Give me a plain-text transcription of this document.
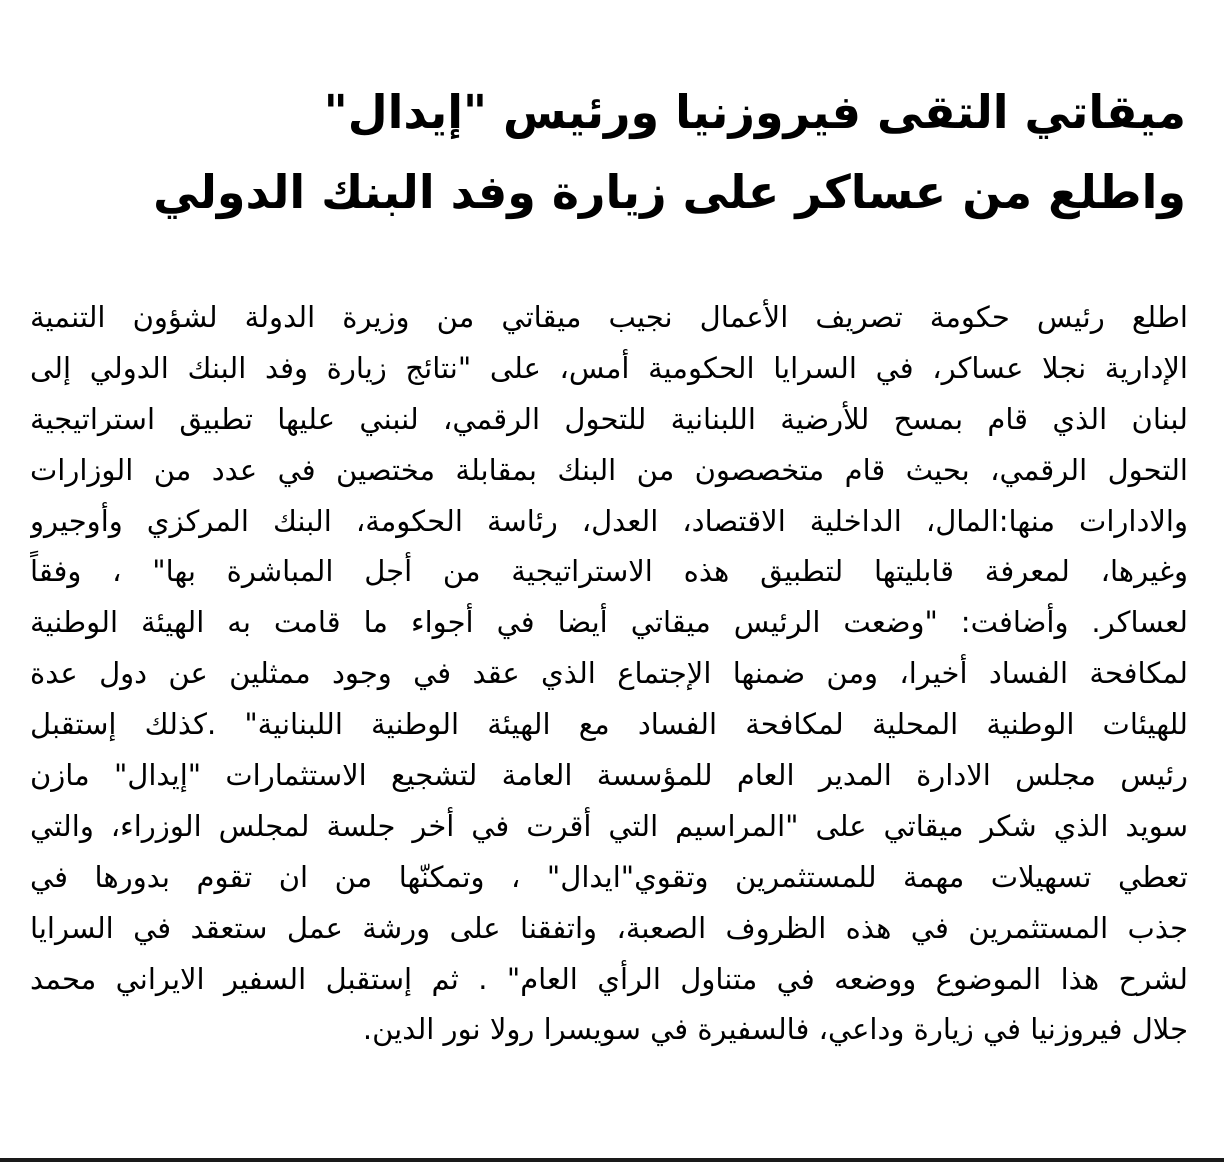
ميقاتي التقى فيروزنيا ورئيس "إيدال"
واطلع من عساكر على زيارة وفد البنك الدولي
اطلع رئيس حكومة تصريف الأعمال نجيب ميقاتي من وزيرة الدولة لشؤون التنمية
الإدارية نجلا عساكر، في السرايا الحكومية أمس، على "نتائج زيارة وفد البنك الدولي إلى
لبنان الذي قام بمسح للأرضية اللبنانية للتحول الرقمي، لنبني عليها تطبيق استراتيجية
التحول الرقمي، بحيث قام متخصصون من البنك بمقابلة مختصين في عدد من الوزارات
والادارات منها:المال، الداخلية الاقتصاد، العدل، رئاسة الحكومة، البنك المركزي وأوجيرو
وغيرها، لمعرفة قابليتها لتطبيق هذه الاستراتيجية من أجل المباشرة بها" ، وفقاً
لعساكر. وأضافت: "وضعت الرئيس ميقاتي أيضا في أجواء ما قامت به الهيئة الوطنية
لمكافحة الفساد أخيرا، ومن ضمنها الإجتماع الذي عقد في وجود ممثلين عن دول عدة
للهيئات الوطنية المحلية لمكافحة الفساد مع الهيئة الوطنية اللبنانية" .كذلك إستقبل
رئيس مجلس الادارة المدير العام للمؤسسة العامة لتشجيع الاستثمارات "إيدال" مازن
سويد الذي شكر ميقاتي على "المراسيم التي أقرت في أخر جلسة لمجلس الوزراء، والتي
تعطي تسهيلات مهمة للمستثمرين وتقوي"ايدال" ، وتمكنّها من ان تقوم بدورها في
جذب المستثمرين في هذه الظروف الصعبة، واتفقنا على ورشة عمل ستعقد في السرايا
لشرح هذا الموضوع ووضعه في متناول الرأي العام" . ثم إستقبل السفير الايراني محمد
جلال فيروزنيا في زيارة وداعي، فالسفيرة في سويسرا رولا نور الدين.
